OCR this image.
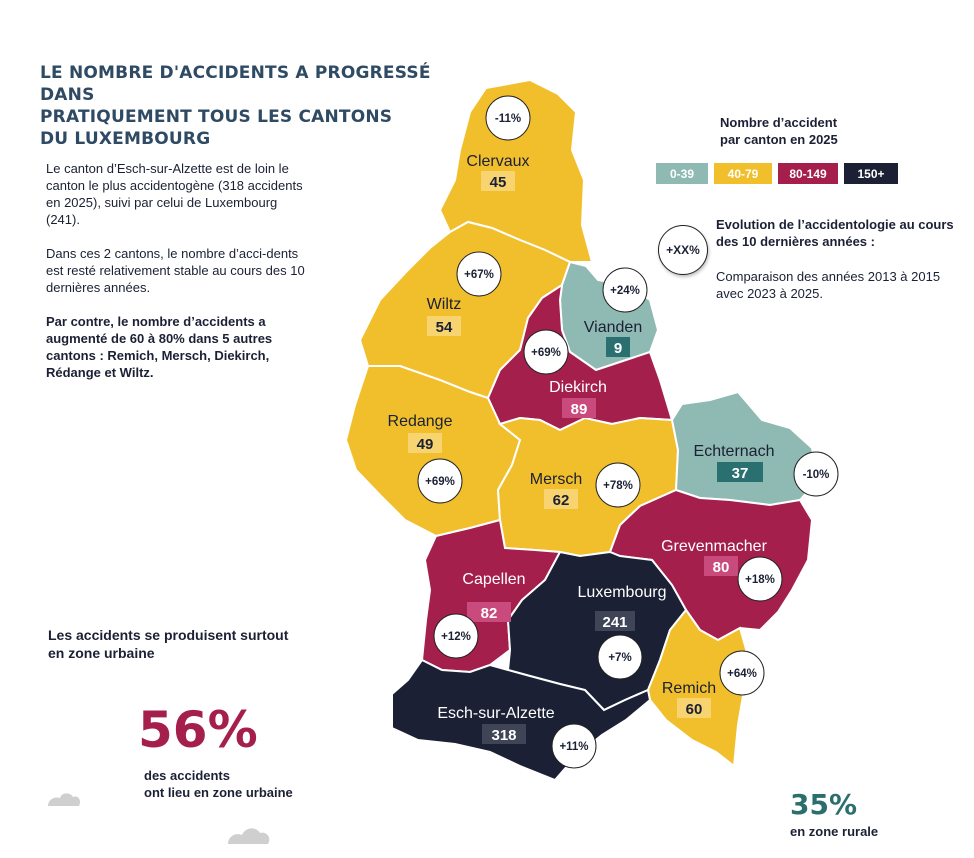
LE NOMBRE D'ACCIDENTS A PROGRESSÉ DANS
PRATIQUEMENT TOUS LES CANTONS
DU LUXEMBOURG

Le canton d’Esch-sur-Alzette est de loin le canton le plus accidentogène (318 accidents en 2025), suivi par celui de Luxembourg (241).

Dans ces 2 cantons, le nombre d’acci-dents est resté relativement stable au cours des 10 dernières années.

Par contre, le nombre d’accidents a augmenté de 60 à 80% dans 5 autres cantons : Remich, Mersch, Diekirch, Rédange et Wiltz.

Nombre d’accident
par canton en 2025
0-39	40-79	80-149	150+
+XX%
Evolution de l’accidentologie au cours des 10 dernières années :
Comparaison des années 2013 à 2015 avec 2023 à 2025.
Clervaux
45
Wiltz
54	Vianden
9
Diekirch
89
Redange
49
Mersch
62
Echternach
37
Grevenmacher
80
Capellen
82
Luxembourg
241
Remich
60
Esch-sur-Alzette
318
-11%
+67%
+24%
+69%
+69%	+78%
-10%
+18%
+12%
+7%
+64%
+11%
Les accidents se produisent surtout en zone urbaine
56%
des accidents
ont lieu en zone urbaine	35%
en zone rurale
